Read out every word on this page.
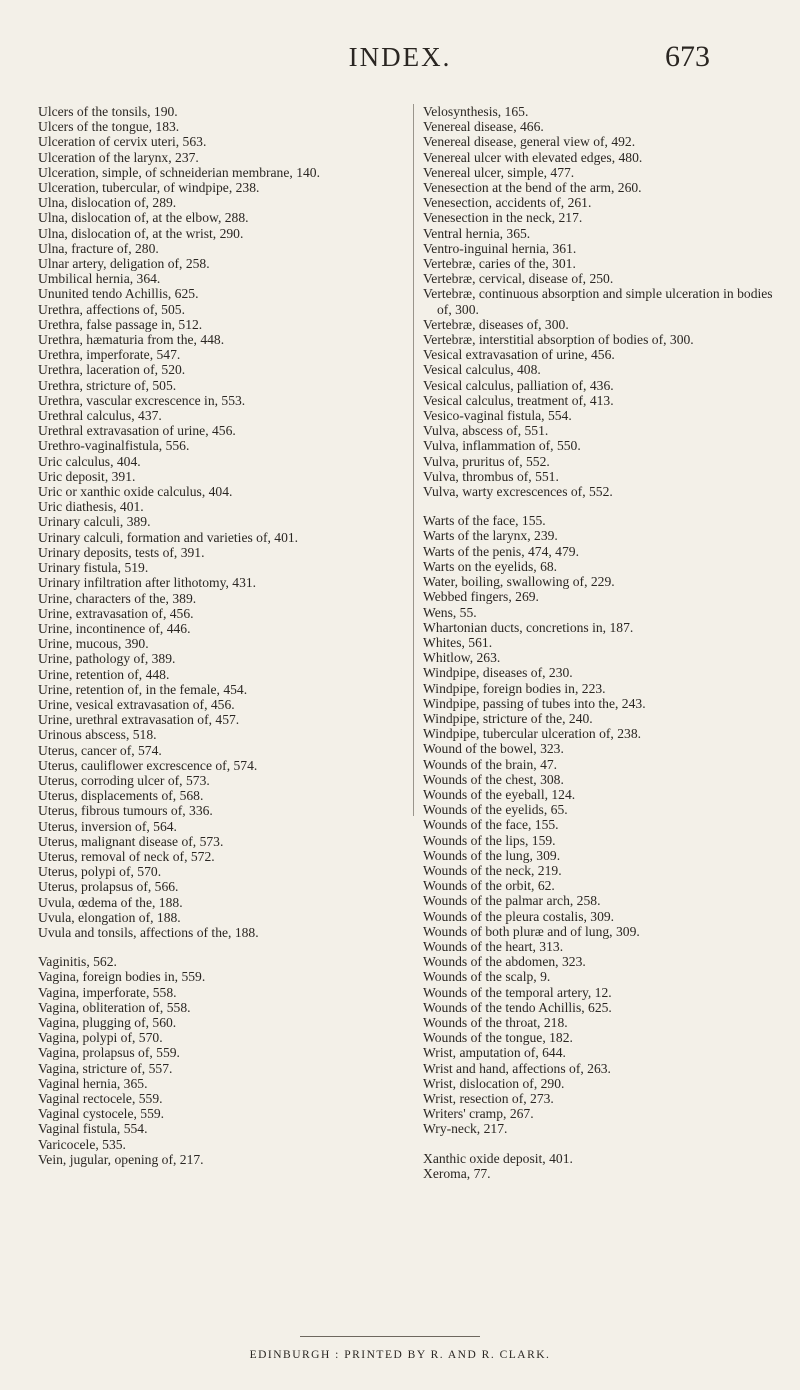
INDEX.	673

Ulcers of the tonsils, 190.

Ulcers of the tongue, 183.

Ulceration of cervix uteri, 563.

Ulceration of the larynx, 237.

Ulceration, simple, of schneiderian membrane, 140.

Ulceration, tubercular, of windpipe, 238.

Ulna, dislocation of, 289.

Ulna, dislocation of, at the elbow, 288.

Ulna, dislocation of, at the wrist, 290.

Ulna, fracture of, 280.

Ulnar artery, deligation of, 258.

Umbilical hernia, 364.

Ununited tendo Achillis, 625.

Urethra, affections of, 505.

Urethra, false passage in, 512.

Urethra, hæmaturia from the, 448.

Urethra, imperforate, 547.

Urethra, laceration of, 520.

Urethra, stricture of, 505.

Urethra, vascular excrescence in, 553.

Urethral calculus, 437.

Urethral extravasation of urine, 456.

Urethro-vaginalfistula, 556.

Uric calculus, 404.

Uric deposit, 391.

Uric or xanthic oxide calculus, 404.

Uric diathesis, 401.

Urinary calculi, 389.

Urinary calculi, formation and varieties of, 401.

Urinary deposits, tests of, 391.

Urinary fistula, 519.

Urinary infiltration after lithotomy, 431.

Urine, characters of the, 389.

Urine, extravasation of, 456.

Urine, incontinence of, 446.

Urine, mucous, 390.

Urine, pathology of, 389.

Urine, retention of, 448.

Urine, retention of, in the female, 454.

Urine, vesical extravasation of, 456.

Urine, urethral extravasation of, 457.

Urinous abscess, 518.

Uterus, cancer of, 574.

Uterus, cauliflower excrescence of, 574.

Uterus, corroding ulcer of, 573.

Uterus, displacements of, 568.

Uterus, fibrous tumours of, 336.

Uterus, inversion of, 564.

Uterus, malignant disease of, 573.

Uterus, removal of neck of, 572.

Uterus, polypi of, 570.

Uterus, prolapsus of, 566.

Uvula, œdema of the, 188.

Uvula, elongation of, 188.

Uvula and tonsils, affections of the, 188.

Vaginitis, 562.

Vagina, foreign bodies in, 559.

Vagina, imperforate, 558.

Vagina, obliteration of, 558.

Vagina, plugging of, 560.

Vagina, polypi of, 570.

Vagina, prolapsus of, 559.

Vagina, stricture of, 557.

Vaginal hernia, 365.

Vaginal rectocele, 559.

Vaginal cystocele, 559.

Vaginal fistula, 554.

Varicocele, 535.

Vein, jugular, opening of, 217.

Velosynthesis, 165.

Venereal disease, 466.

Venereal disease, general view of, 492.

Venereal ulcer with elevated edges, 480.

Venereal ulcer, simple, 477.

Venesection at the bend of the arm, 260.

Venesection, accidents of, 261.

Venesection in the neck, 217.

Ventral hernia, 365.

Ventro-inguinal hernia, 361.

Vertebræ, caries of the, 301.

Vertebræ, cervical, disease of, 250.

Vertebræ, continuous absorption and simple ulceration in bodies of, 300.

Vertebræ, diseases of, 300.

Vertebræ, interstitial absorption of bodies of, 300.

Vesical extravasation of urine, 456.

Vesical calculus, 408.

Vesical calculus, palliation of, 436.

Vesical calculus, treatment of, 413.

Vesico-vaginal fistula, 554.

Vulva, abscess of, 551.

Vulva, inflammation of, 550.

Vulva, pruritus of, 552.

Vulva, thrombus of, 551.

Vulva, warty excrescences of, 552.

Warts of the face, 155.

Warts of the larynx, 239.

Warts of the penis, 474, 479.

Warts on the eyelids, 68.

Water, boiling, swallowing of, 229.

Webbed fingers, 269.

Wens, 55.

Whartonian ducts, concretions in, 187.

Whites, 561.

Whitlow, 263.

Windpipe, diseases of, 230.

Windpipe, foreign bodies in, 223.

Windpipe, passing of tubes into the, 243.

Windpipe, stricture of the, 240.

Windpipe, tubercular ulceration of, 238.

Wound of the bowel, 323.

Wounds of the brain, 47.

Wounds of the chest, 308.

Wounds of the eyeball, 124.

Wounds of the eyelids, 65.

Wounds of the face, 155.

Wounds of the lips, 159.

Wounds of the lung, 309.

Wounds of the neck, 219.

Wounds of the orbit, 62.

Wounds of the palmar arch, 258.

Wounds of the pleura costalis, 309.

Wounds of both pluræ and of lung, 309.

Wounds of the heart, 313.

Wounds of the abdomen, 323.

Wounds of the scalp, 9.

Wounds of the temporal artery, 12.

Wounds of the tendo Achillis, 625.

Wounds of the throat, 218.

Wounds of the tongue, 182.

Wrist, amputation of, 644.

Wrist and hand, affections of, 263.

Wrist, dislocation of, 290.

Wrist, resection of, 273.

Writers' cramp, 267.

Wry-neck, 217.

Xanthic oxide deposit, 401.

Xeroma, 77.

EDINBURGH : PRINTED BY R. AND R. CLARK.
